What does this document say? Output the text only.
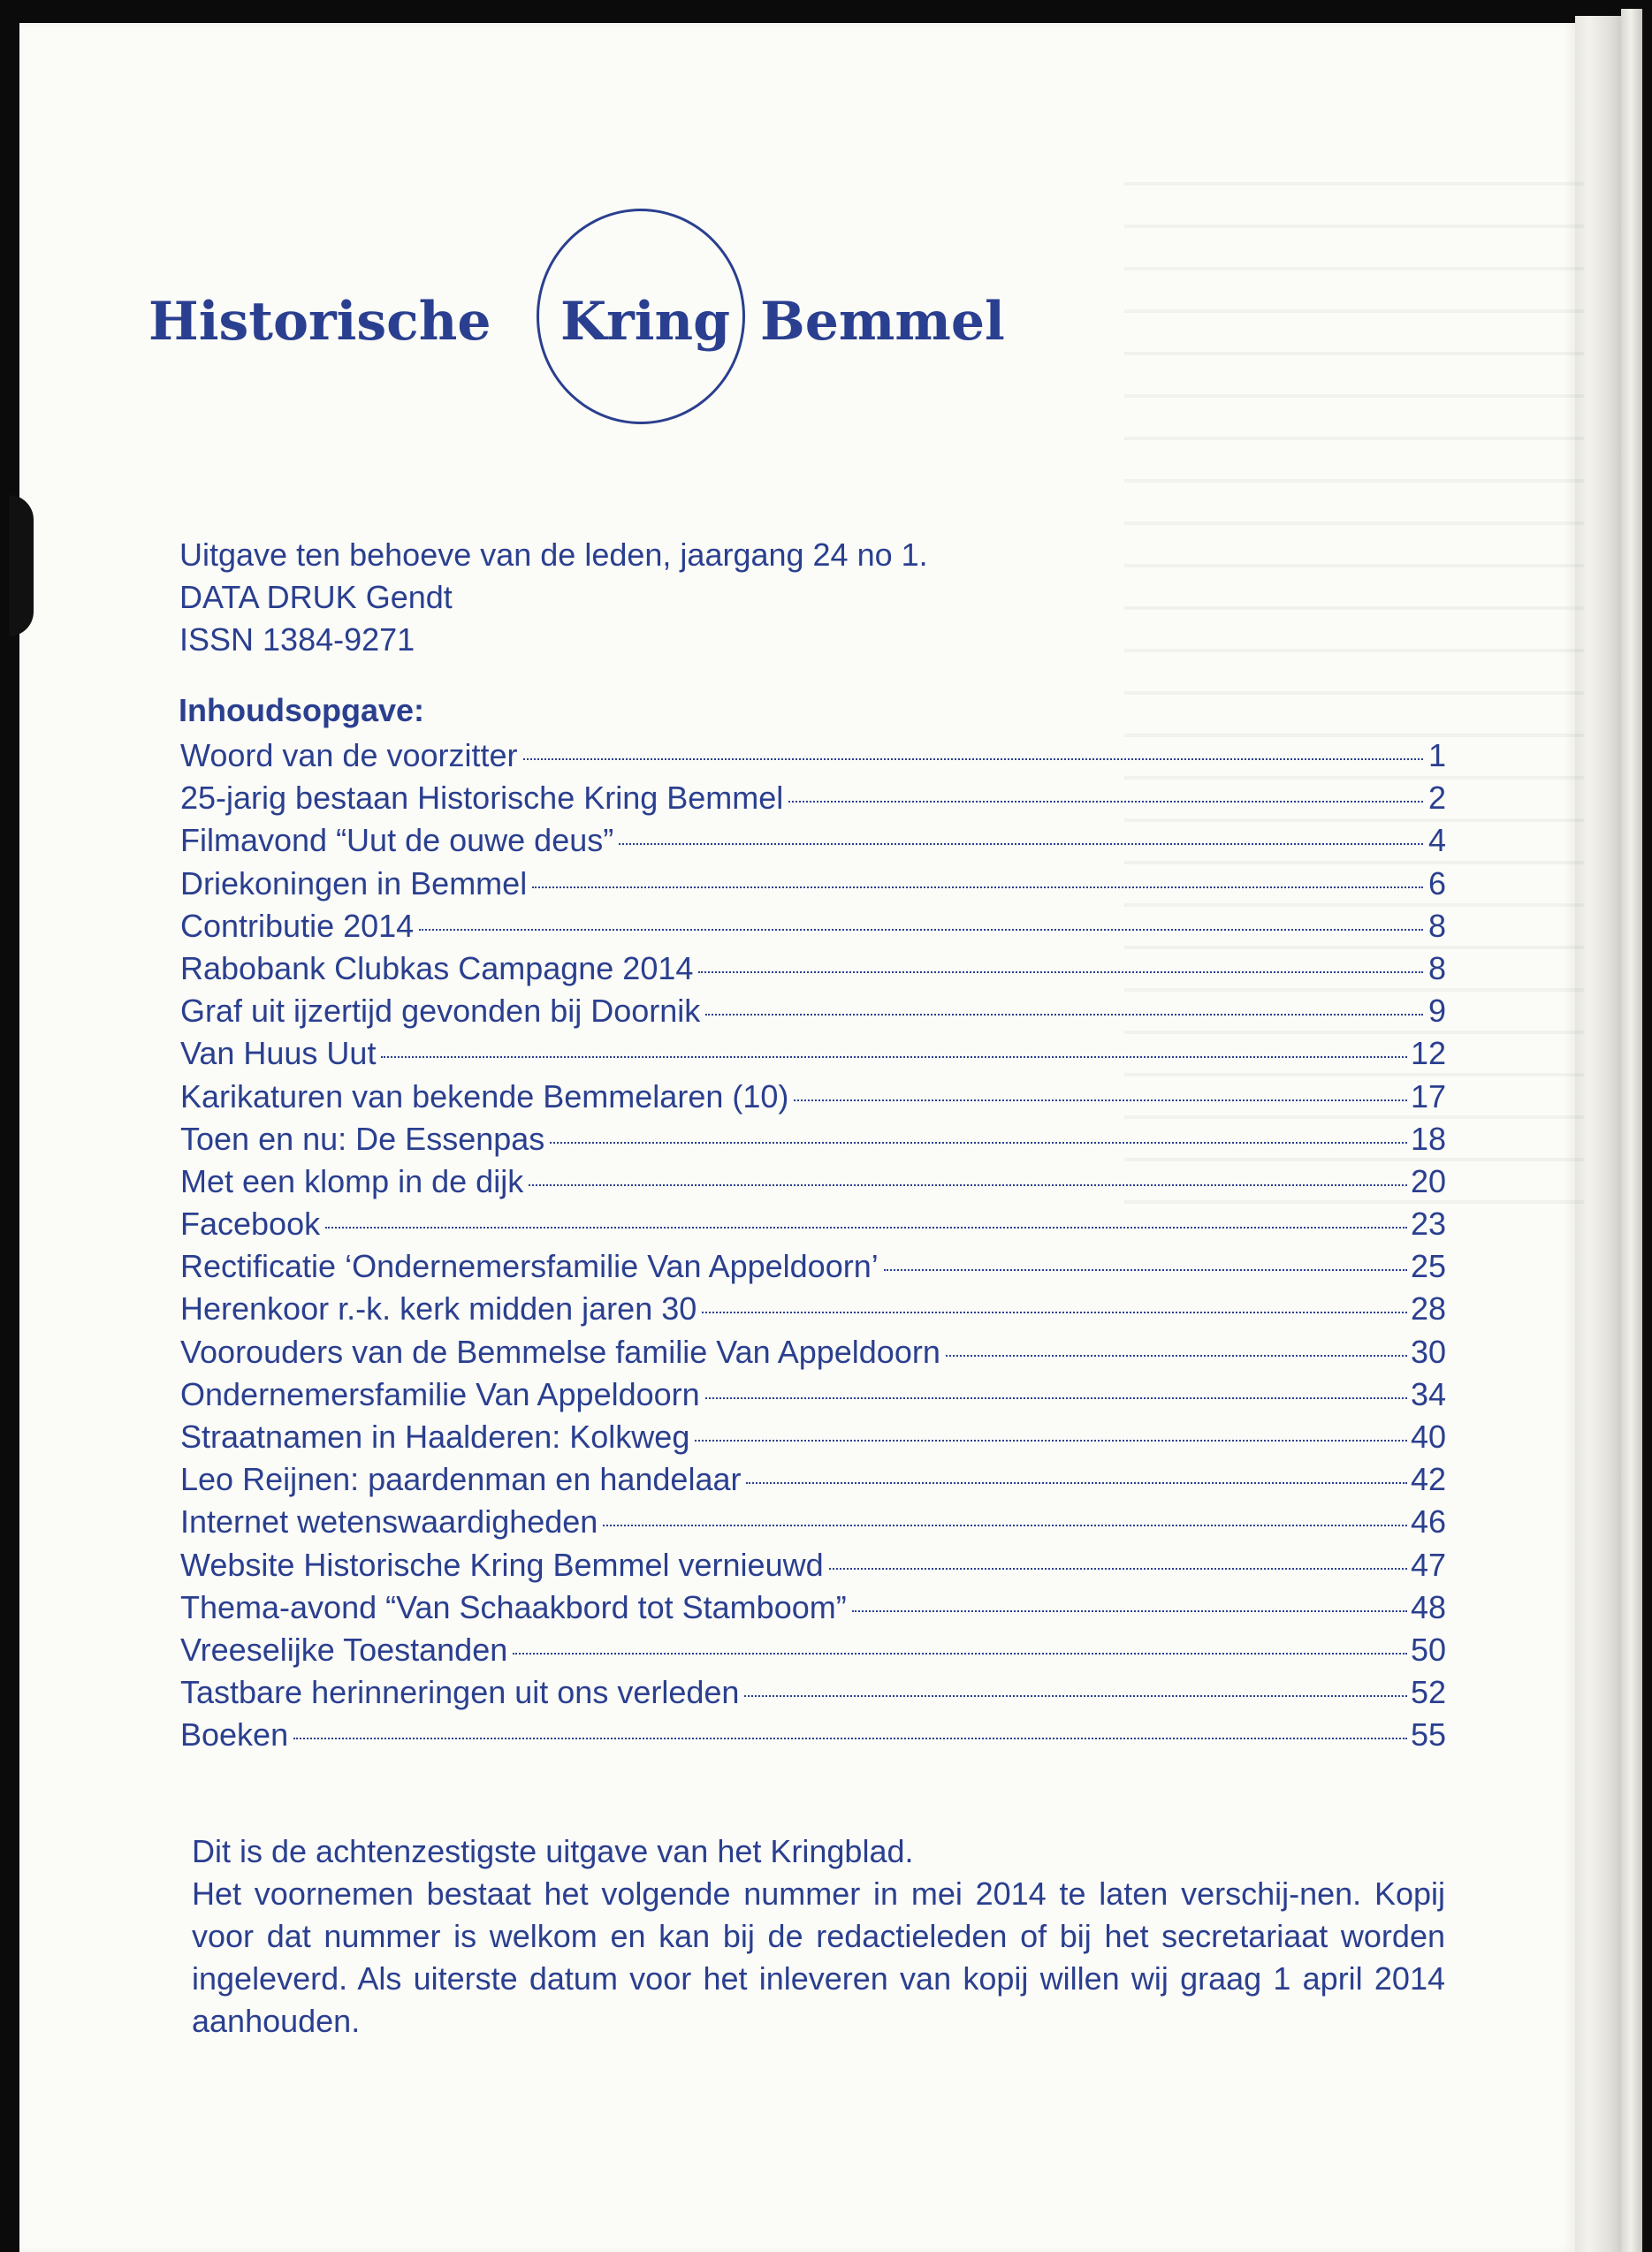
Historische Kring Bemmel
Uitgave ten behoeve van de leden, jaargang 24 no 1.
DATA DRUK Gendt
ISSN 1384-9271
Inhoudsopgave:
Woord van de voorzitter	1
25-jarig bestaan Historische Kring Bemmel	2
Filmavond “Uut de ouwe deus”	4
Driekoningen in Bemmel	6
Contributie 2014	8
Rabobank Clubkas Campagne 2014	8
Graf uit ijzertijd gevonden bij Doornik	9
Van Huus Uut	12
Karikaturen van bekende Bemmelaren (10)	17
Toen en nu: De Essenpas	18
Met een klomp in de dijk	20
Facebook	23
Rectificatie ‘Ondernemersfamilie Van Appeldoorn’	25
Herenkoor r.-k. kerk midden jaren 30	28
Voorouders van de Bemmelse familie Van Appeldoorn	30
Ondernemersfamilie Van Appeldoorn	34
Straatnamen in Haalderen: Kolkweg	40
Leo Reijnen: paardenman en handelaar	42
Internet wetenswaardigheden	46
Website Historische Kring Bemmel vernieuwd	47
Thema-avond “Van Schaakbord tot Stamboom”	48
Vreeselijke Toestanden	50
Tastbare herinneringen uit ons verleden	52
Boeken	55

Dit is de achtenzestigste uitgave van het Kringblad.

Het voornemen bestaat het volgende nummer in mei 2014 te laten verschij-nen. Kopij voor dat nummer is welkom en kan bij de redactieleden of bij het secretariaat worden ingeleverd. Als uiterste datum voor het inleveren van kopij willen wij graag 1 april 2014 aanhouden.
